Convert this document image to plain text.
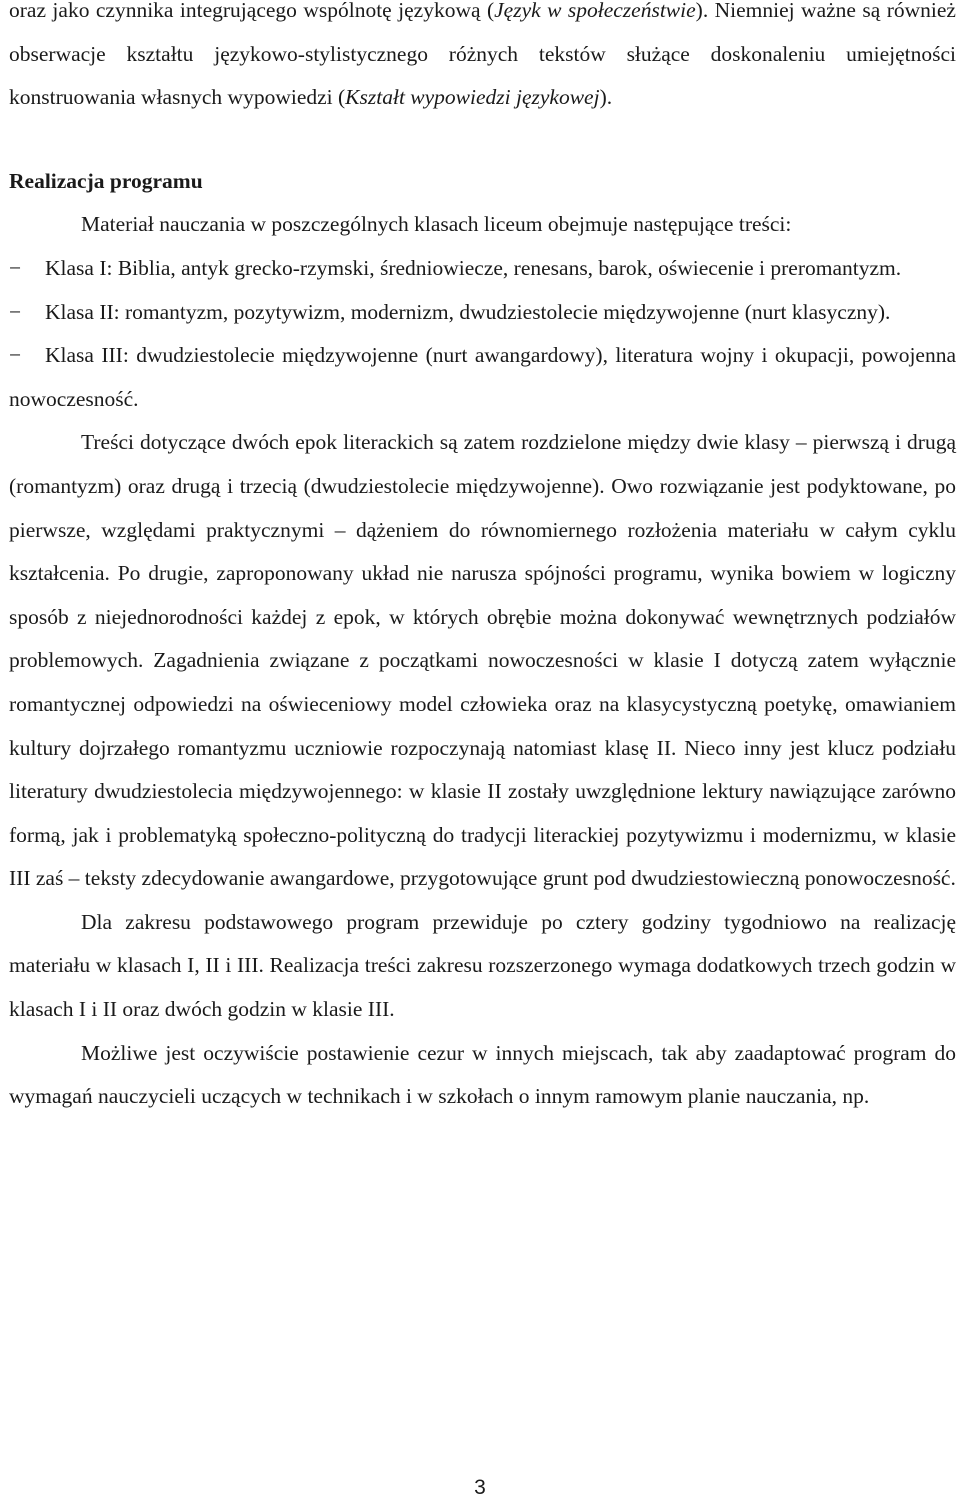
oraz jako czynnika integrującego wspólnotę językową (Język w społeczeństwie). Niemniej ważne są również obserwacje kształtu językowo-stylistycznego różnych tekstów służące doskonaleniu umiejętności konstruowania własnych wypowiedzi (Kształt wypowiedzi językowej).

Realizacja programu

Materiał nauczania w poszczególnych klasach liceum obejmuje następujące treści:

− Klasa I: Biblia, antyk grecko-rzymski, średniowiecze, renesans, barok, oświecenie i preromantyzm.

− Klasa II: romantyzm, pozytywizm, modernizm, dwudziestolecie międzywojenne (nurt klasyczny).

− Klasa III: dwudziestolecie międzywojenne (nurt awangardowy), literatura wojny i okupacji, powojenna nowoczesność.

Treści dotyczące dwóch epok literackich są zatem rozdzielone między dwie klasy – pierwszą i drugą (romantyzm) oraz drugą i trzecią (dwudziestolecie międzywojenne). Owo rozwiązanie jest podyktowane, po pierwsze, względami praktycznymi – dążeniem do równomiernego rozłożenia materiału w całym cyklu kształcenia. Po drugie, zaproponowany układ nie narusza spójności programu, wynika bowiem w logiczny sposób z niejednorodności każdej z epok, w których obrębie można dokonywać wewnętrznych podziałów problemowych. Zagadnienia związane z początkami nowoczesności w klasie I dotyczą zatem wyłącznie romantycznej odpowiedzi na oświeceniowy model człowieka oraz na klasycystyczną poetykę, omawianiem kultury dojrzałego romantyzmu uczniowie rozpoczynają natomiast klasę II. Nieco inny jest klucz podziału literatury dwudziestolecia międzywojennego: w klasie II zostały uwzględnione lektury nawiązujące zarówno formą, jak i problematyką społeczno-polityczną do tradycji literackiej pozytywizmu i modernizmu, w klasie III zaś – teksty zdecydowanie awangardowe, przygotowujące grunt pod dwudziestowieczną ponowoczesność.

Dla zakresu podstawowego program przewiduje po cztery godziny tygodniowo na realizację materiału w klasach I, II i III. Realizacja treści zakresu rozszerzonego wymaga dodatkowych trzech godzin w klasach I i II oraz dwóch godzin w klasie III.

Możliwe jest oczywiście postawienie cezur w innych miejscach, tak aby zaadaptować program do wymagań nauczycieli uczących w technikach i w szkołach o innym ramowym planie nauczania, np.

3
